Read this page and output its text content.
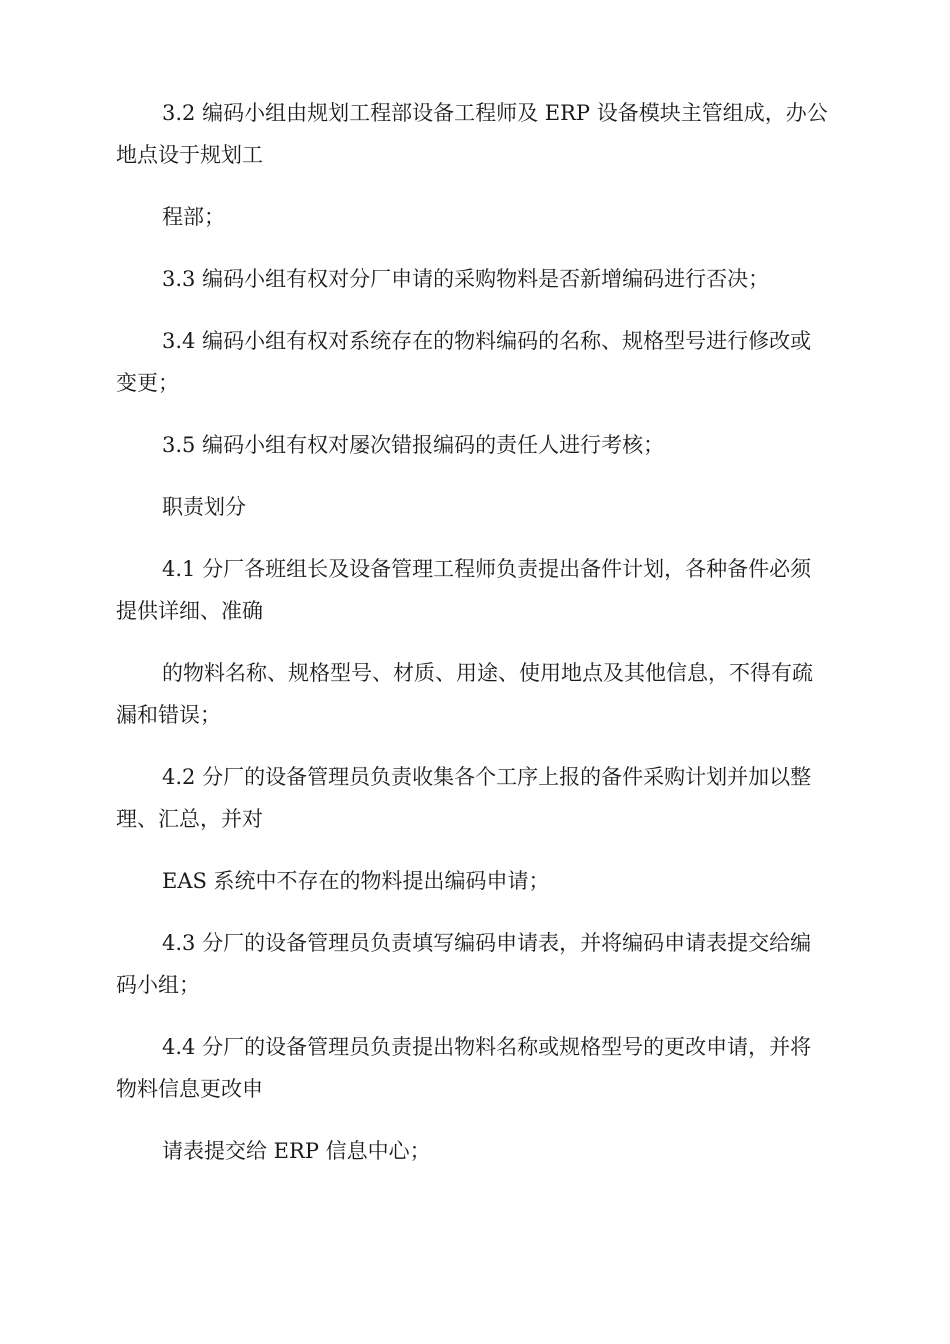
3.2 编码小组由规划工程部设备工程师及 ERP 设备模块主管组成，办公地点设于规划工

程部；

3.3 编码小组有权对分厂申请的采购物料是否新增编码进行否决；

3.4 编码小组有权对系统存在的物料编码的名称、规格型号进行修改或变更；

3.5 编码小组有权对屡次错报编码的责任人进行考核；

职责划分

4.1 分厂各班组长及设备管理工程师负责提出备件计划，各种备件必须提供详细、准确

的物料名称、规格型号、材质、用途、使用地点及其他信息，不得有疏漏和错误；

4.2 分厂的设备管理员负责收集各个工序上报的备件采购计划并加以整理、汇总，并对

EAS 系统中不存在的物料提出编码申请；

4.3 分厂的设备管理员负责填写编码申请表，并将编码申请表提交给编码小组；

4.4 分厂的设备管理员负责提出物料名称或规格型号的更改申请，并将物料信息更改申

请表提交给 ERP 信息中心；
